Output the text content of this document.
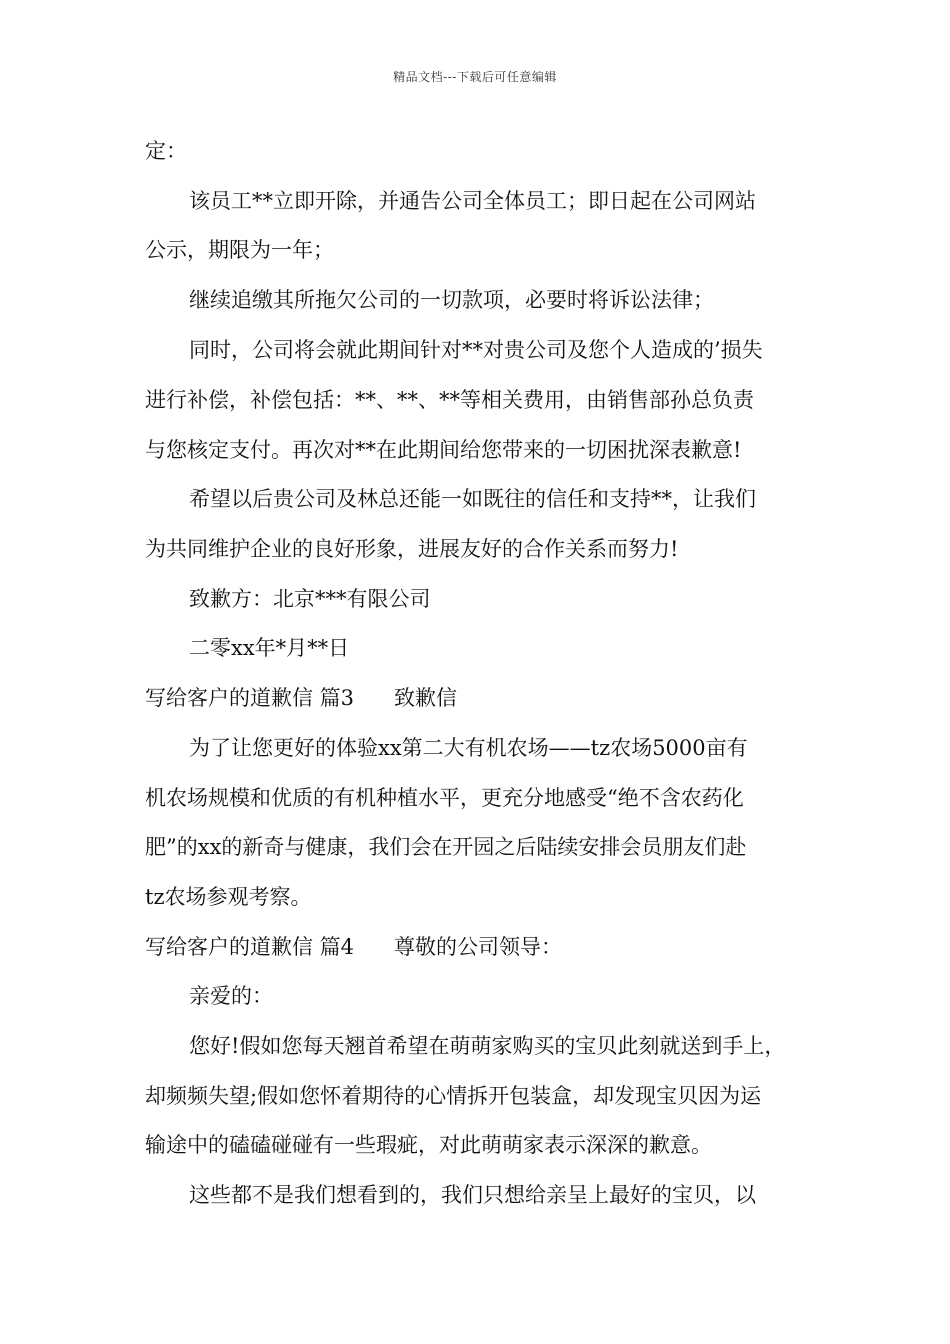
精品文档---下载后可任意编辑
定：
该员工**立即开除，并通告公司全体员工；即日起在公司网站
公示，期限为一年；
继续追缴其所拖欠公司的一切款项，必要时将诉讼法律；
同时，公司将会就此期间针对**对贵公司及您个人造成的’损失
进行补偿，补偿包括：**、**、**等相关费用，由销售部孙总负责
与您核定支付。再次对**在此期间给您带来的一切困扰深表歉意!
希望以后贵公司及林总还能一如既往的信任和支持**，让我们
为共同维护企业的良好形象，进展友好的合作关系而努力!
致歉方：北京***有限公司
二零xx年*月**日
写给客户的道歉信 篇3 致歉信
为了让您更好的体验xx第二大有机农场——tz农场5000亩有
机农场规模和优质的有机种植水平，更充分地感受“绝不含农药化
肥”的xx的新奇与健康，我们会在开园之后陆续安排会员朋友们赴
tz农场参观考察。
写给客户的道歉信 篇4 尊敬的公司领导：
亲爱的：
您好!假如您每天翘首希望在萌萌家购买的宝贝此刻就送到手上，
却频频失望;假如您怀着期待的心情拆开包装盒，却发现宝贝因为运
输途中的磕磕碰碰有一些瑕疵，对此萌萌家表示深深的歉意。
这些都不是我们想看到的，我们只想给亲呈上最好的宝贝，以
